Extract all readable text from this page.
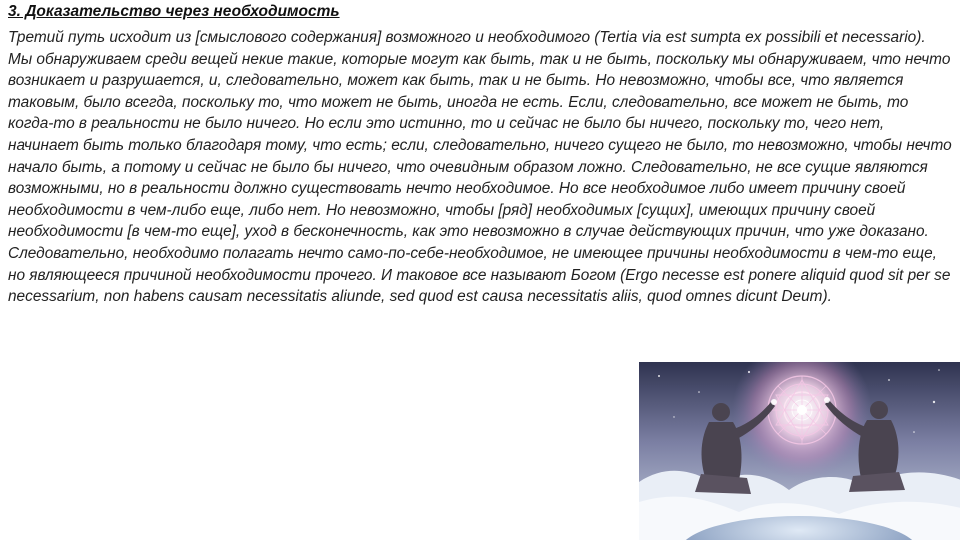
3. Доказательство через необходимость

Третий путь исходит из [смыслового содержания] возможного и необходимого (Tertia via est sumpta ex possibili et necessario). Мы обнаруживаем среди вещей некие такие, которые могут как быть, так и не быть, поскольку мы обнаруживаем, что нечто возникает и разрушается, и, следовательно, может как быть, так и не быть. Но невозможно, чтобы все, что является таковым, было всегда, поскольку то, что может не быть, иногда не есть. Если, следовательно, все может не быть, то когда-то в реальности не было ничего. Но если это истинно, то и сейчас не было бы ничего, поскольку то, чего нет, начинает быть только благодаря тому, что есть; если, следовательно, ничего сущего не было, то невозможно, чтобы нечто начало быть, а потому и сейчас не было бы ничего, что очевидным образом ложно. Следовательно, не все сущие являются возможными, но в реальности должно существовать нечто необходимое. Но все необходимое либо имеет причину своей необходимости в чем-либо еще, либо нет. Но невозможно, чтобы [ряд] необходимых [сущих], имеющих причину своей необходимости [в чем-то еще], уход в бесконечность, как это невозможно в случае действующих причин, что уже доказано. Следовательно, необходимо полагать нечто само-по-себе-необходимое, не имеющее причины необходимости в чем-то еще, но являющееся причиной необходимости прочего. И таковое все называют Богом (Ergo necesse est ponere aliquid quod sit per se necessarium, non habens causam necessitatis aliunde, sed quod est causa necessitatis aliis, quod omnes dicunt Deum).
